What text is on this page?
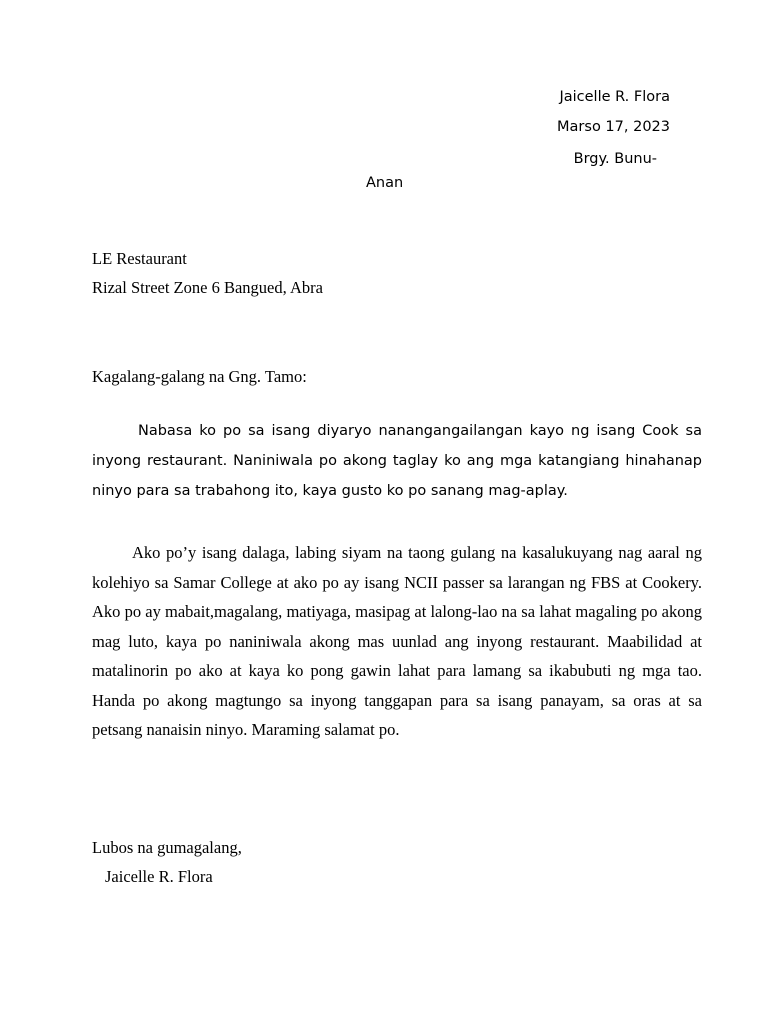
Jaicelle R. Flora
Marso 17, 2023
Brgy. Bunu-
Anan
LE Restaurant
Rizal Street Zone 6 Bangued, Abra
Kagalang-galang na Gng. Tamo:
Nabasa ko po sa isang diyaryo nanangangailangan kayo ng isang Cook sa inyong restaurant. Naniniwala po akong taglay ko ang mga katangiang hinahanap ninyo para sa trabahong ito, kaya gusto ko po sanang mag-aplay.
Ako po’y isang dalaga, labing siyam na taong gulang na kasalukuyang nag aaral ng kolehiyo sa Samar College at ako po ay isang NCII passer sa larangan ng FBS at Cookery. Ako po ay mabait,magalang, matiyaga, masipag at lalong-lao na sa lahat magaling po akong mag luto, kaya po naniniwala akong mas uunlad ang inyong restaurant. Maabilidad at matalinorin po ako at kaya ko pong gawin lahat para lamang sa ikabubuti ng mga tao. Handa po akong magtungo sa inyong tanggapan para sa isang panayam, sa oras at sa petsang nanaisin ninyo. Maraming salamat po.
Lubos na gumagalang,
Jaicelle R. Flora
